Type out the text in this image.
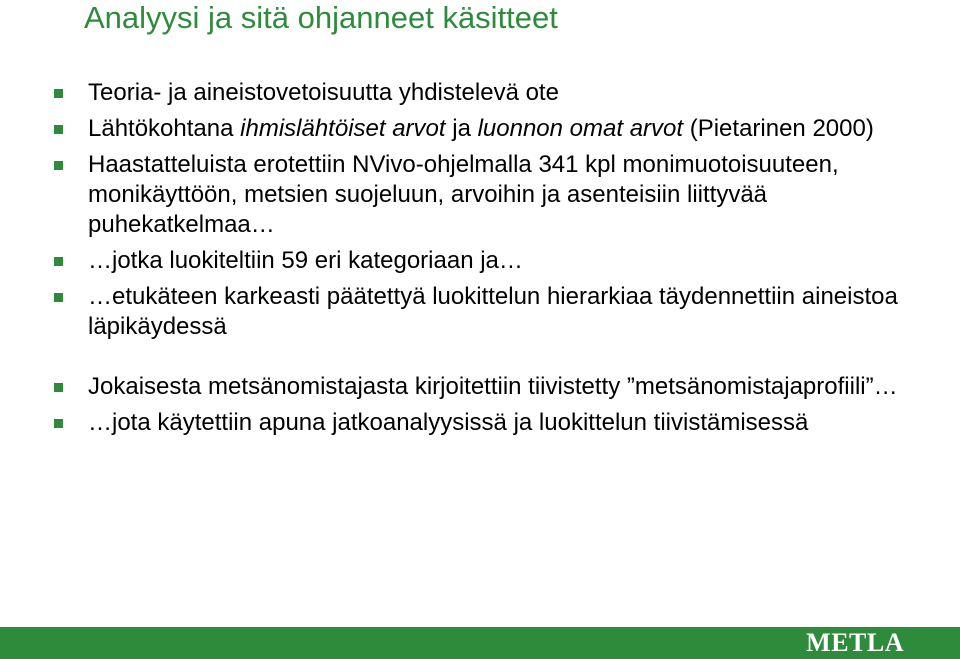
Analyysi ja sitä ohjanneet käsitteet
Teoria- ja aineistovetoisuutta yhdistelevä ote
Lähtökohtana ihmislähtöiset arvot ja luonnon omat arvot (Pietarinen 2000)
Haastatteluista erotettiin NVivo-ohjelmalla 341 kpl monimuotoisuuteen, monikäyttöön, metsien suojeluun, arvoihin ja asenteisiin liittyvää puhekatkelmaa…
…jotka luokiteltiin 59 eri kategoriaan ja…
…etukäteen karkeasti päätettyä luokittelun hierarkiaa täydennettiin aineistoa läpikäydessä
Jokaisesta metsänomistajasta kirjoitettiin tiivistetty ”metsänomistajaprofiili”…
…jota käytettiin apuna jatkoanalyysissä ja luokittelun tiivistämisessä
METLA
